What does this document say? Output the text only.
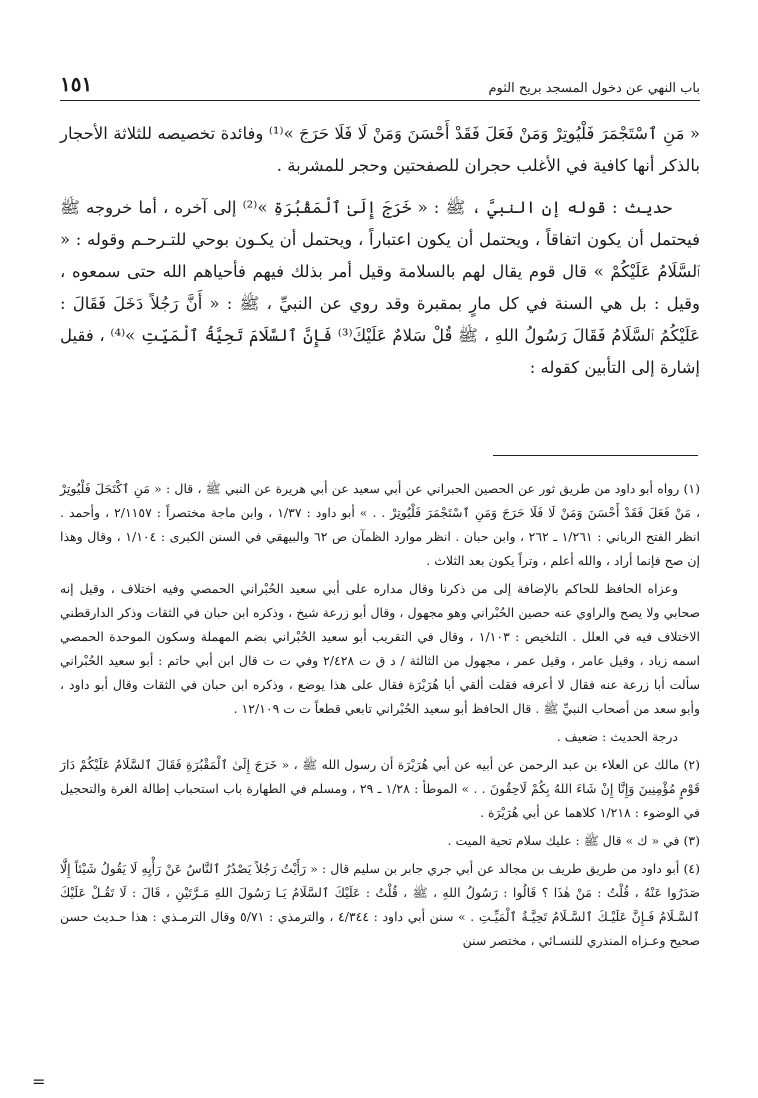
باب النهي عن دخول المسجد بريح الثوم
١٥١

« مَنِ ٱسْتَجْمَرَ فَلْيُوتِرْ وَمَنْ فَعَلَ فَقَدْ أَحْسَنَ وَمَنْ لَا فَلَا حَرَجَ »⁽¹⁾ وفائدة تخصيصه للثلاثة الأحجار بالذكر أنها كافية في الأغلب حجران للصفحتين وحجر للمشربة .

حديث : قوله إن النبيَّ ، ﷺ : « خَرَجَ إِلَىٰ ٱلْمَقْبُرَةِ »⁽²⁾ إلى آخره ، أما خروجه ﷺ فيحتمل أن يكون اتفاقاً ، ويحتمل أن يكون اعتباراً ، ويحتمل أن يكـون بوحي للتـرحـم وقوله : « ٱلسَّلَامُ عَلَيْكُمْ » قال قوم يقال لهم بالسلامة وقيل أمر بذلك فيهم فأحياهم الله حتى سمعوه ، وقيل : بل هي السنة في كل مارٍ بمقبرة وقد روي عن النبيِّ ، ﷺ : « أَنَّ رَجُلاً دَخَلَ فَقَالَ : عَلَيْكُمُ ٱلسَّلَامُ فَقَالَ رَسُولُ اللهِ ، ﷺ قُلْ سَلامٌ عَلَيْكَ⁽³⁾ فَإِنَّ ٱلسَّلَامَ تَحِيَّةُ ٱلْمَيِّتِ »⁽⁴⁾ ، فقيل إشارة إلى التأبين كقوله :

(١) رواه أبو داود من طريق ثور عن الحصين الحبراني عن أبي سعيد عن أبي هريرة عن النبي ﷺ ، قال : « مَنِ ٱكْتَحَلَ فَلْيُوتِرْ ، مَنْ فَعَلَ فَقَدْ أَحْسَنَ وَمَنْ لَا فَلَا حَرَجَ وَمَنِ ٱسْتَجْمَرَ فَلْيُوتِرْ . . » أبو داود : ١/٣٧ ، وابن ماجة مختصراً : ٢/١١٥٧ ، وأحمد . انظر الفتح الرباني : ١/٢٦١ ـ ٢٦٢ ، وابن حبان . انظر موارد الظمآن ص ٦٢ والبيهقي في السنن الكبرى : ١/١٠٤ ، وقال وهذا إن صح فإنما أراد ، والله أعلم ، وتراً يكون بعد الثلاث .

وعزاه الحافظ للحاكم بالإضافة إلى من ذكرنا وقال مداره على أبي سعيد الحُبْراني الحمصي وفيه اختلاف ، وقيل إنه صحابي ولا يصح والراوي عنه حصين الحُبْراني وهو مجهول ، وقال أبو زرعة شيخ ، وذكره ابن حبان في الثقات وذكر الدارقطني الاختلاف فيه في العلل . التلخيص : ١/١٠٣ ، وقال في التقريب أبو سعيد الحُبْراني بضم المهملة وسكون الموحدة الحمصي اسمه زياد ، وقيل عامر ، وقيل عمر ، مجهول من الثالثة / د ق ت ٢/٤٢٨ وفي ت ت قال ابن أبي حاتم : أبو سعيد الحُبْراني سألت أبا زرعة عنه فقال لا أعرفه فقلت ألقي أبا هُرَيْرَة فقال على هذا يوضع ، وذكره ابن حبان في الثقات وقال أبو داود ، وأبو سعد من أصحاب النبيِّ ﷺ . قال الحافظ أبو سعيد الحُبْراني تابعي قطعاً ت ت ١٢/١٠٩ .

درجة الحديث : ضعيف .

(٢) مالك عن العلاء بن عبد الرحمن عن أبيه عن أبي هُرَيْرَة أن رسول الله ﷺ ، « خَرَجَ إِلَىٰ ٱلْمَقْبُرَةِ فَقَالَ ٱلسَّلَامُ عَلَيْكُمْ دَارَ قَوْمٍ مُؤْمِنِينَ وَإِنَّا إِنْ شَاءَ اللهُ بِكُمْ لَاحِقُونَ . . » الموطأ : ١/٢٨ ـ ٢٩ ، ومسلم في الطهارة باب استحباب إطالة الغرة والتحجيل في الوضوء : ١/٢١٨ كلاهما عن أبي هُرَيْرَة .

(٣) في « ك » قال ﷺ : عليك سلام تحية الميت .

(٤) أبو داود من طريق طريف بن مجالد عن أبي جري جابر بن سليم قال : « رَأَيْتُ رَجُلاً يَصْدُرُ ٱلنَّاسُ عَنْ رَأْيِهِ لَا يَقُولُ شَيْئاً إِلَّا صَدَرُوا عَنْهُ ، قُلْتُ : مَنْ هٰذَا ؟ قَالُوا : رَسُولُ اللهِ ، ﷺ ، قُلْتُ : عَلَيْكَ ٱلسَّلَامُ يَـا رَسُولَ اللهِ مَـرَّتَيْنِ ، قَالَ : لَا تَقُـلْ عَلَيْكَ ٱلسَّـلَامُ فَـإِنَّ عَلَيْـكَ ٱلسَّـلَامُ تَحِيَّـةُ ٱلْمَيِّـتِ . » سنن أبي داود : ٤/٣٤٤ ، والترمذي : ٥/٧١ وقال الترمـذي : هذا حـديث حسن صحيح وعـزاه المنذري للنسـائي ، مختصر سنن

=
